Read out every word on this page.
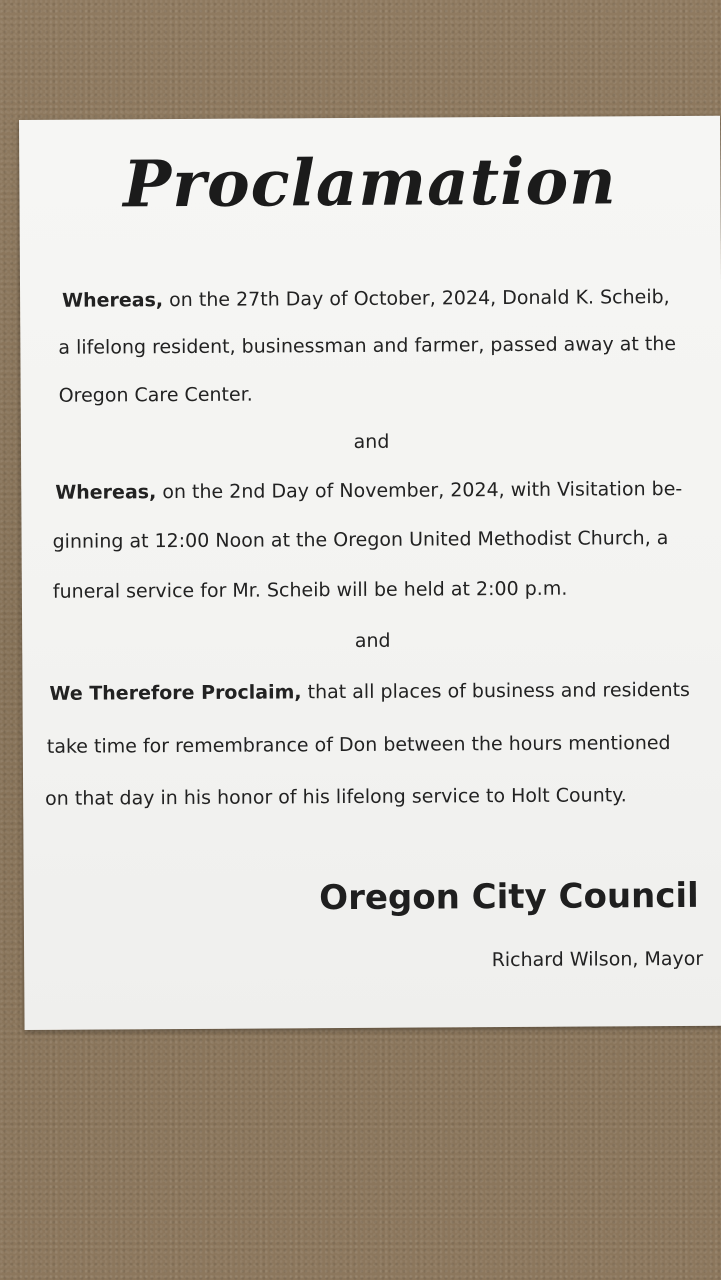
Proclamation

Whereas, on the 27th Day of October, 2024, Donald K. Scheib,

a lifelong resident, businessman and farmer, passed away at the

Oregon Care Center.

and

Whereas, on the 2nd Day of November, 2024, with Visitation be-

ginning at 12:00 Noon at the Oregon United Methodist Church, a

funeral service for Mr. Scheib will be held at 2:00 p.m.

and

We Therefore Proclaim, that all places of business and residents

take time for remembrance of Don between the hours mentioned

on that day in his honor of his lifelong service to Holt County.

Oregon City Council

Richard Wilson, Mayor
